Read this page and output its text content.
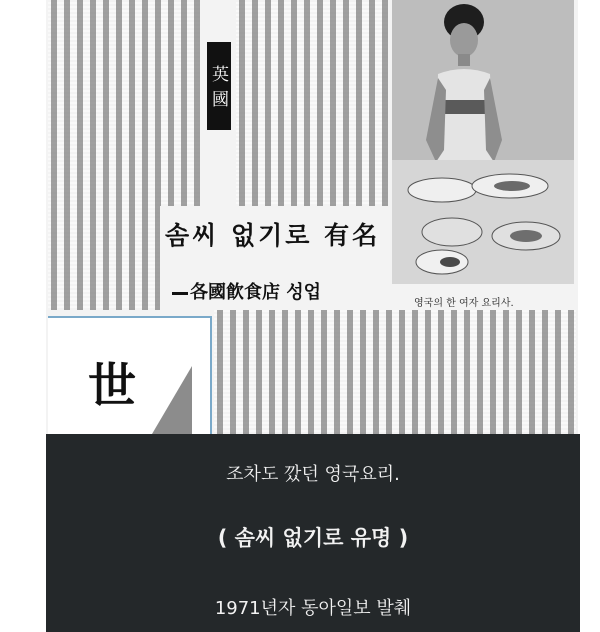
英國
솜씨 없기로 有名
各國飮食店 성업
영국의 한 여자 요리사.
世
조차도 깠던 영국요리.
( 솜씨 없기로 유명 )
1971년자 동아일보 발췌
